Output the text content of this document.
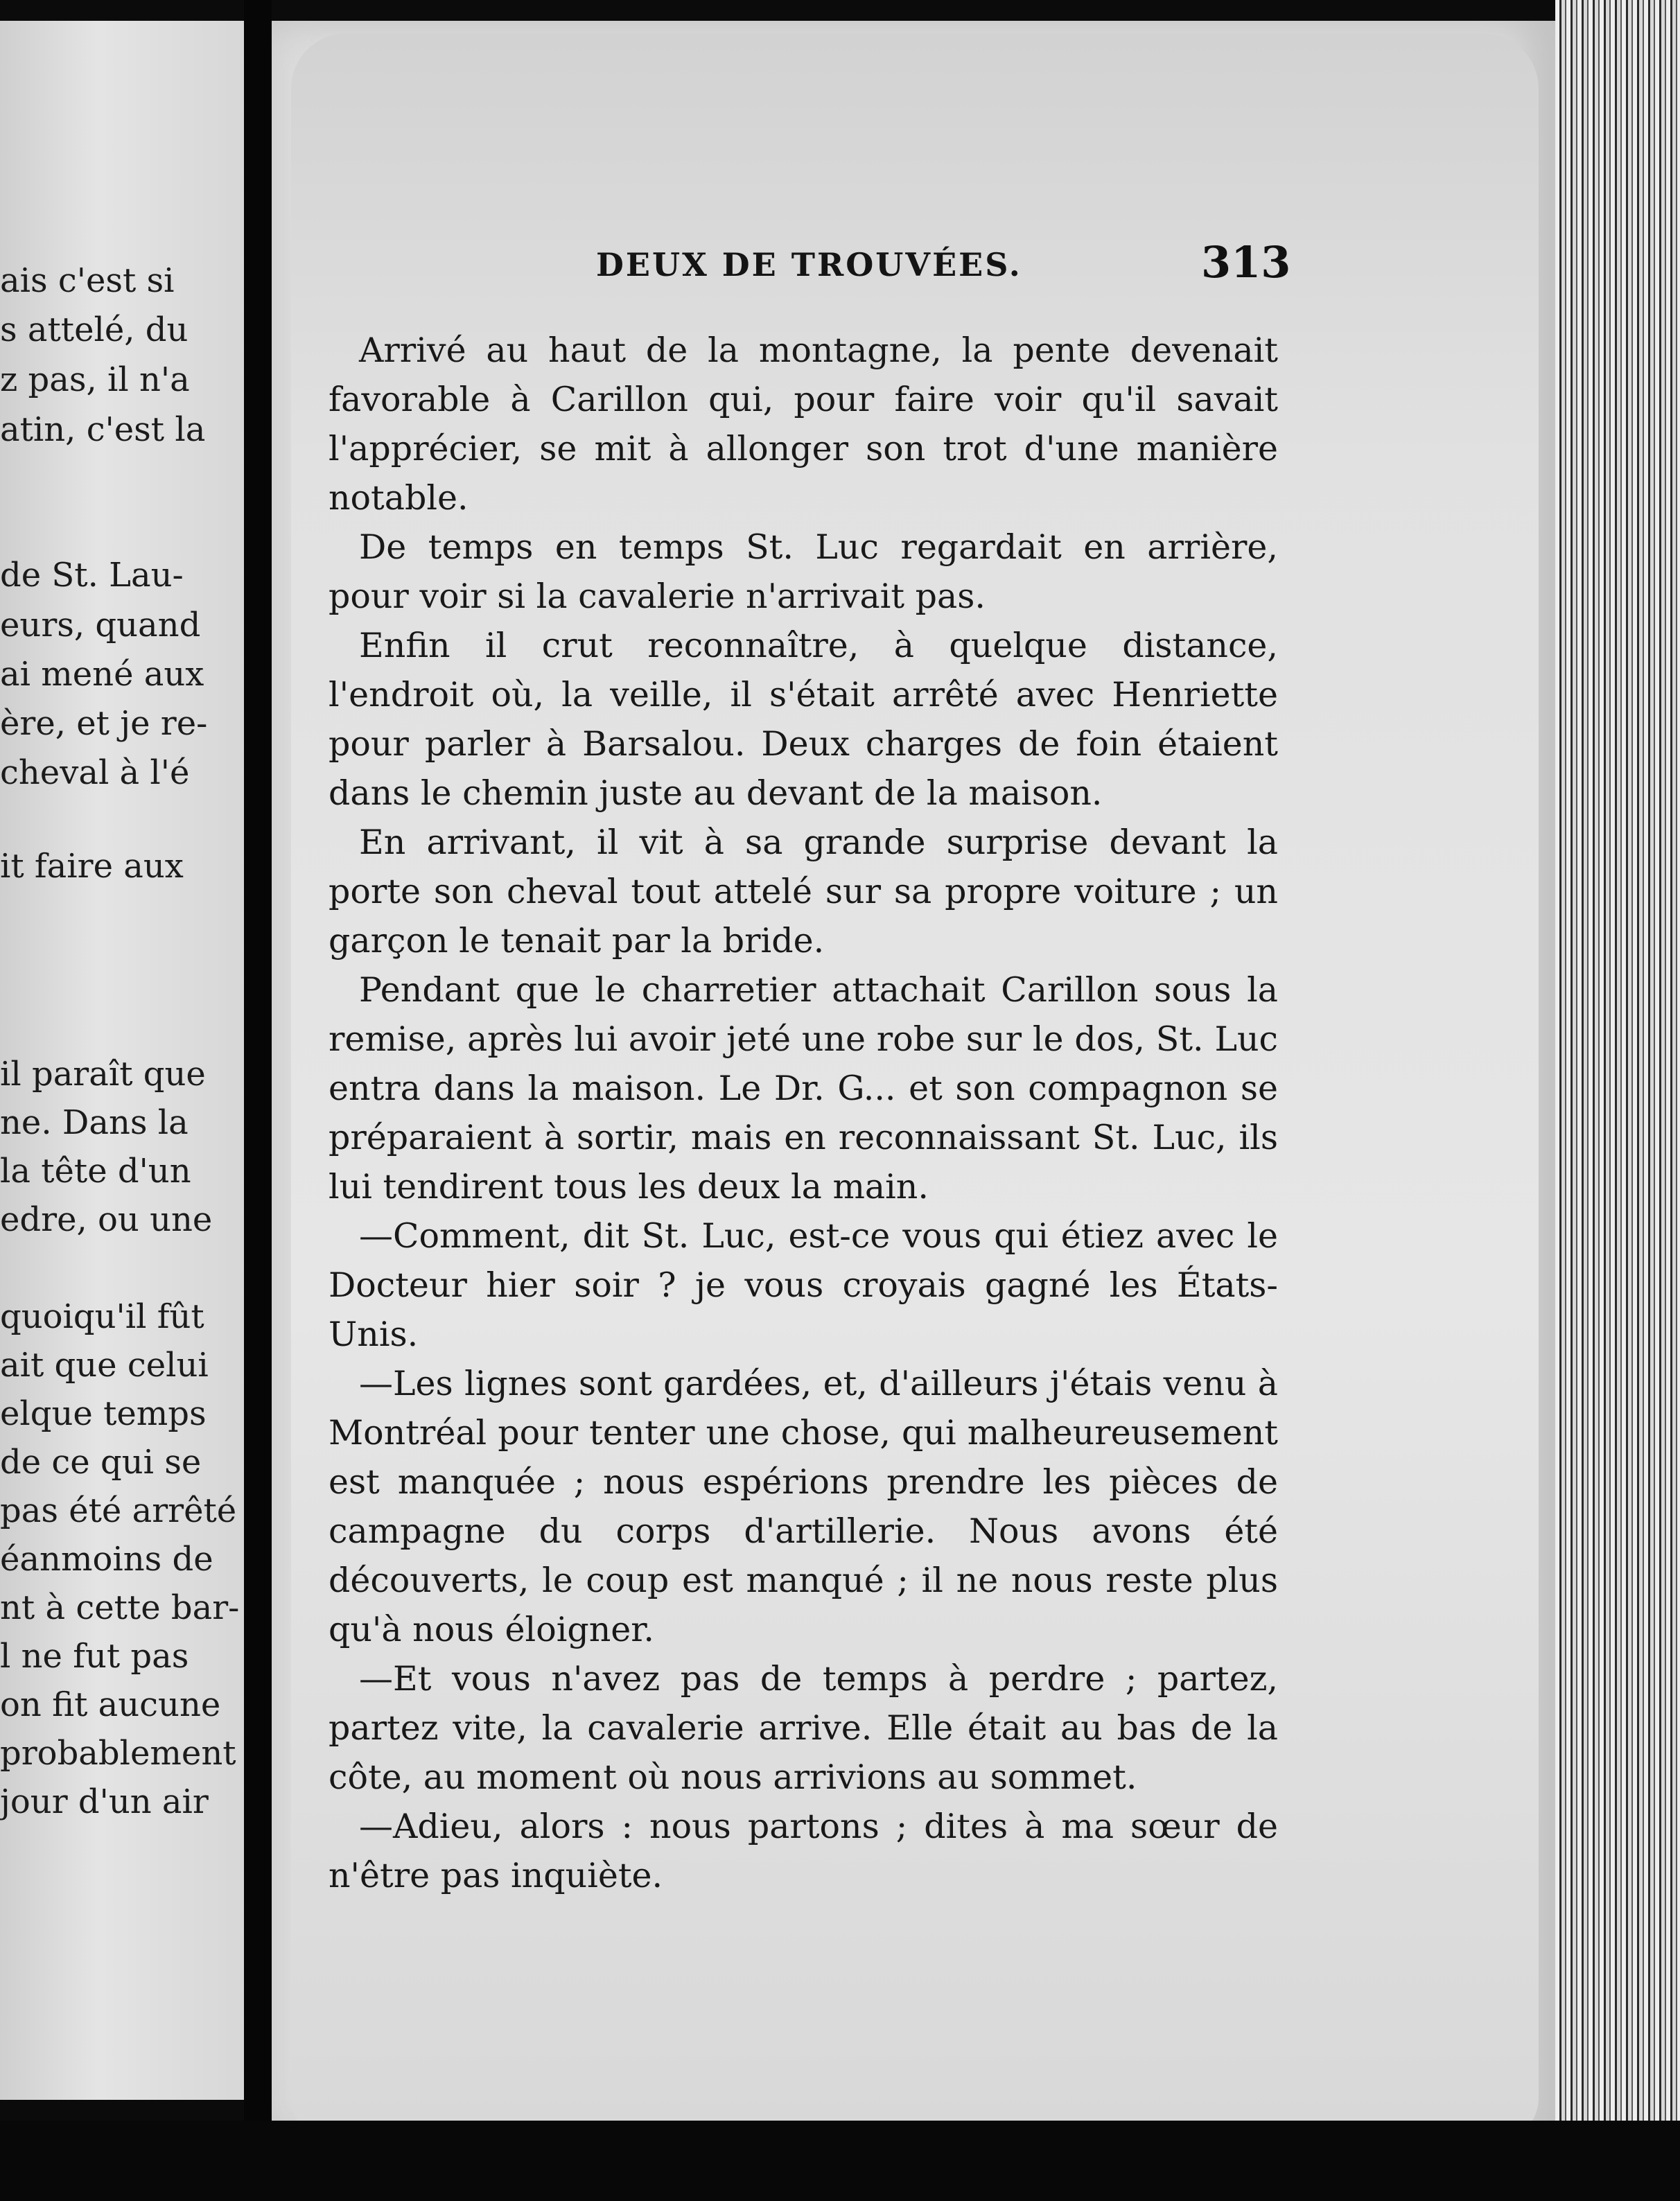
ais c'est si
s attelé, du
z pas, il n'a
atin, c'est la
de St. Lau-
eurs, quand
ai mené aux
ère, et je re-
cheval à l'é
it faire aux
il paraît que
ne. Dans la
la tête d'un
edre, ou une
quoiqu'il fût
ait que celui
elque temps
de ce qui se
pas été arrêté
éanmoins de
nt à cette bar-
l ne fut pas
on fit aucune
probablement
jour d'un air
DEUX DE TROUVÉES.	313

Arrivé au haut de la montagne, la pente devenait favorable à Carillon qui, pour faire voir qu'il savait l'apprécier, se mit à allonger son trot d'une manière notable.

De temps en temps St. Luc regardait en arrière, pour voir si la cavalerie n'arrivait pas.

Enfin il crut reconnaître, à quelque distance, l'endroit où, la veille, il s'était arrêté avec Henriette pour parler à Barsalou. Deux charges de foin étaient dans le chemin juste au devant de la maison.

En arrivant, il vit à sa grande surprise devant la porte son cheval tout attelé sur sa propre voiture ; un garçon le tenait par la bride.

Pendant que le charretier attachait Carillon sous la remise, après lui avoir jeté une robe sur le dos, St. Luc entra dans la maison. Le Dr. G... et son compagnon se préparaient à sortir, mais en reconnaissant St. Luc, ils lui tendirent tous les deux la main.

—Comment, dit St. Luc, est-ce vous qui étiez avec le Docteur hier soir ? je vous croyais gagné les États-Unis.

—Les lignes sont gardées, et, d'ailleurs j'étais venu à Montréal pour tenter une chose, qui malheureusement est manquée ; nous espérions prendre les pièces de campagne du corps d'artillerie. Nous avons été découverts, le coup est manqué ; il ne nous reste plus qu'à nous éloigner.

—Et vous n'avez pas de temps à perdre ; partez, partez vite, la cavalerie arrive. Elle était au bas de la côte, au moment où nous arrivions au sommet.

—Adieu, alors : nous partons ; dites à ma sœur de n'être pas inquiète.
